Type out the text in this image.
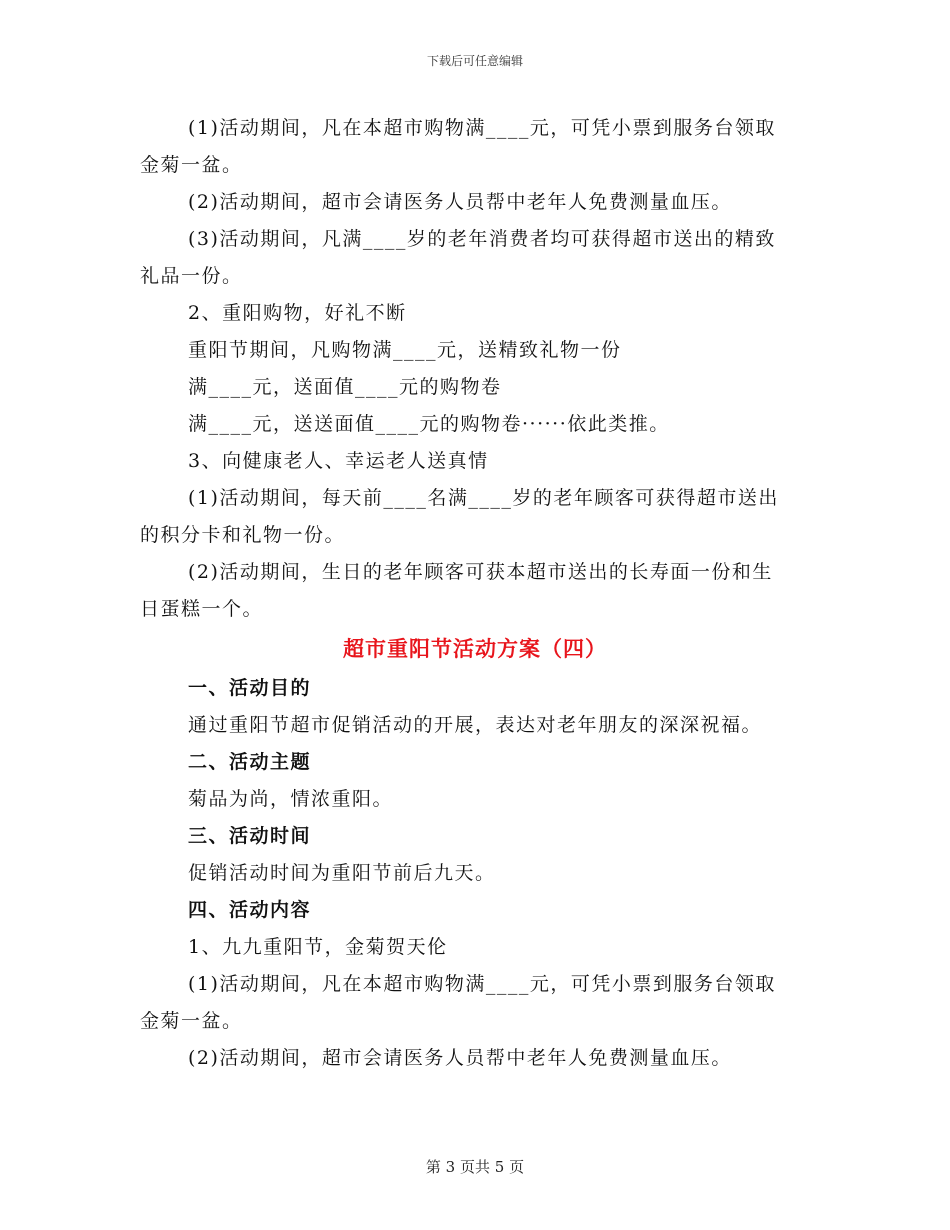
下载后可任意编辑
(1)活动期间，凡在本超市购物满____元，可凭小票到服务台领取
金菊一盆。
(2)活动期间，超市会请医务人员帮中老年人免费测量血压。
(3)活动期间，凡满____岁的老年消费者均可获得超市送出的精致
礼品一份。
2、重阳购物，好礼不断
重阳节期间，凡购物满____元，送精致礼物一份
满____元，送面值____元的购物卷
满____元，送送面值____元的购物卷······依此类推。
3、向健康老人、幸运老人送真情
(1)活动期间，每天前____名满____岁的老年顾客可获得超市送出
的积分卡和礼物一份。
(2)活动期间，生日的老年顾客可获本超市送出的长寿面一份和生
日蛋糕一个。
超市重阳节活动方案（四）
一、活动目的
通过重阳节超市促销活动的开展，表达对老年朋友的深深祝福。
二、活动主题
菊品为尚，情浓重阳。
三、活动时间
促销活动时间为重阳节前后九天。
四、活动内容
1、九九重阳节，金菊贺天伦
(1)活动期间，凡在本超市购物满____元，可凭小票到服务台领取
金菊一盆。
(2)活动期间，超市会请医务人员帮中老年人免费测量血压。
第 3 页共 5 页
